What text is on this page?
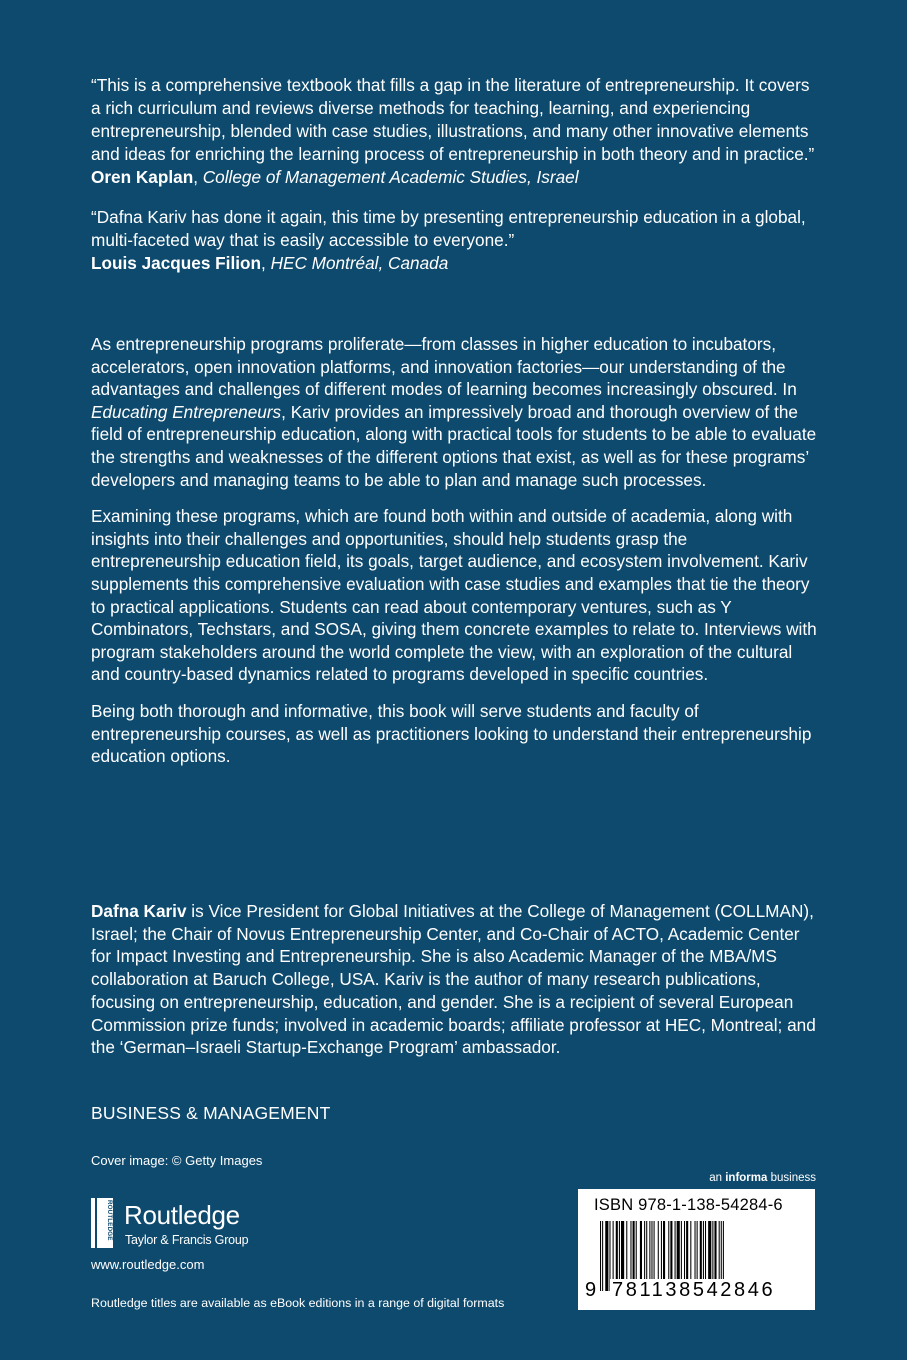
“This is a comprehensive textbook that fills a gap in the literature of entrepreneurship. It covers a rich curriculum and reviews diverse methods for teaching, learning, and experiencing entrepreneurship, blended with case studies, illustrations, and many other innovative elements and ideas for enriching the learning process of entrepreneurship in both theory and in practice.”
Oren Kaplan, College of Management Academic Studies, Israel

“Dafna Kariv has done it again, this time by presenting entrepreneurship education in a global, multi-faceted way that is easily accessible to everyone.”
Louis Jacques Filion, HEC Montréal, Canada

As entrepreneurship programs proliferate—from classes in higher education to incubators, accelerators, open innovation platforms, and innovation factories—our understanding of the advantages and challenges of different modes of learning becomes increasingly obscured. In Educating Entrepreneurs, Kariv provides an impressively broad and thorough overview of the field of entrepreneurship education, along with practical tools for students to be able to evaluate the strengths and weaknesses of the different options that exist, as well as for these programs’ developers and managing teams to be able to plan and manage such processes.

Examining these programs, which are found both within and outside of academia, along with insights into their challenges and opportunities, should help students grasp the entrepreneurship education field, its goals, target audience, and ecosystem involvement. Kariv supplements this comprehensive evaluation with case studies and examples that tie the theory to practical applications. Students can read about contemporary ventures, such as Y Combinators, Techstars, and SOSA, giving them concrete examples to relate to. Interviews with program stakeholders around the world complete the view, with an exploration of the cultural and country-based dynamics related to programs developed in specific countries.

Being both thorough and informative, this book will serve students and faculty of entrepreneurship courses, as well as practitioners looking to understand their entrepreneurship education options.

Dafna Kariv is Vice President for Global Initiatives at the College of Management (COLLMAN), Israel; the Chair of Novus Entrepreneurship Center, and Co-Chair of ACTO, Academic Center for Impact Investing and Entrepreneurship. She is also Academic Manager of the MBA/MS collaboration at Baruch College, USA. Kariv is the author of many research publications, focusing on entrepreneurship, education, and gender. She is a recipient of several European Commission prize funds; involved in academic boards; affiliate professor at HEC, Montreal; and the ‘German–Israeli Startup-Exchange Program’ ambassador.

BUSINESS & MANAGEMENT
Cover image: © Getty Images
ROUTLEDGE Routledge
Taylor & Francis Group
www.routledge.com
Routledge titles are available as eBook editions in a range of digital formats
an informa business
ISBN 978-1-138-54284-6
9 781138542846
